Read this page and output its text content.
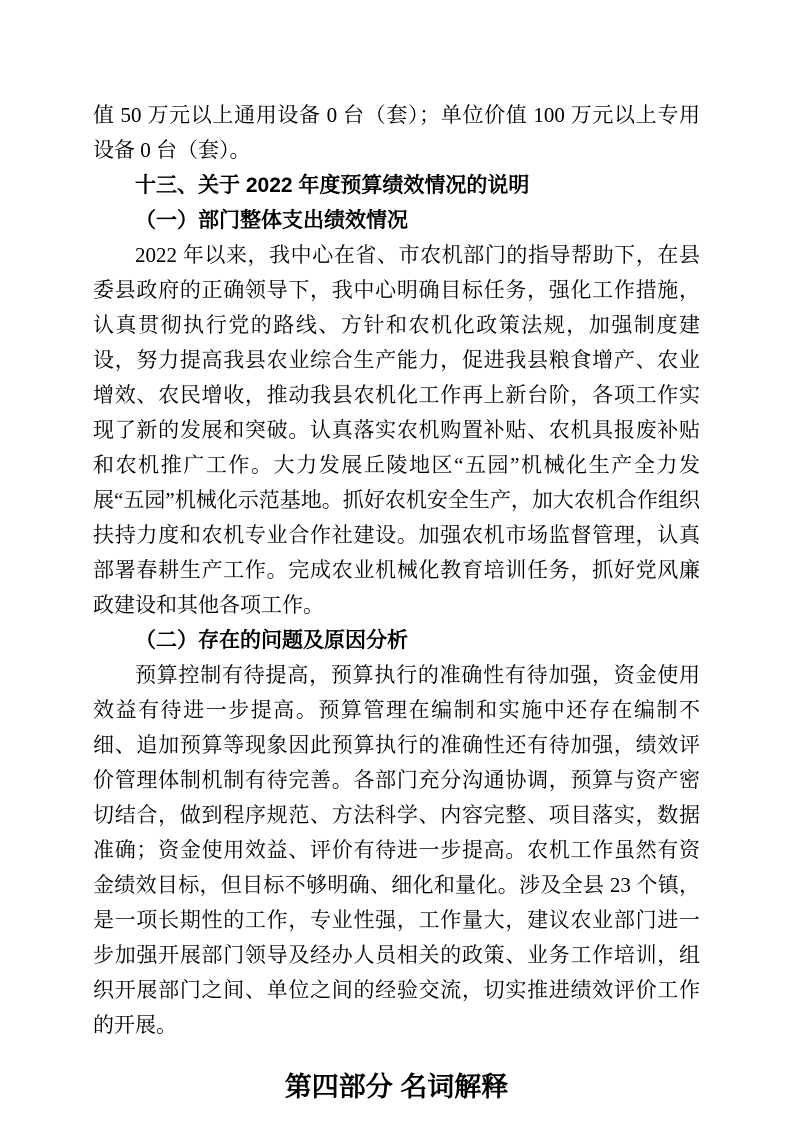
值 50 万元以上通用设备 0 台（套）；单位价值 100 万元以上专用设备 0 台（套）。

十三、关于 2022 年度预算绩效情况的说明

（一）部门整体支出绩效情况

2022 年以来，我中心在省、市农机部门的指导帮助下，在县委县政府的正确领导下，我中心明确目标任务，强化工作措施，认真贯彻执行党的路线、方针和农机化政策法规，加强制度建设，努力提高我县农业综合生产能力，促进我县粮食增产、农业增效、农民增收，推动我县农机化工作再上新台阶，各项工作实现了新的发展和突破。认真落实农机购置补贴、农机具报废补贴和农机推广工作。大力发展丘陵地区“五园”机械化生产全力发展“五园”机械化示范基地。抓好农机安全生产，加大农机合作组织扶持力度和农机专业合作社建设。加强农机市场监督管理，认真部署春耕生产工作。完成农业机械化教育培训任务，抓好党风廉政建设和其他各项工作。

（二）存在的问题及原因分析

预算控制有待提高，预算执行的准确性有待加强，资金使用效益有待进一步提高。预算管理在编制和实施中还存在编制不细、追加预算等现象因此预算执行的准确性还有待加强，绩效评价管理体制机制有待完善。各部门充分沟通协调，预算与资产密切结合，做到程序规范、方法科学、内容完整、项目落实，数据准确；资金使用效益、评价有待进一步提高。农机工作虽然有资金绩效目标，但目标不够明确、细化和量化。涉及全县 23 个镇，是一项长期性的工作，专业性强，工作量大，建议农业部门进一步加强开展部门领导及经办人员相关的政策、业务工作培训，组织开展部门之间、单位之间的经验交流，切实推进绩效评价工作的开展。

第四部分 名词解释
